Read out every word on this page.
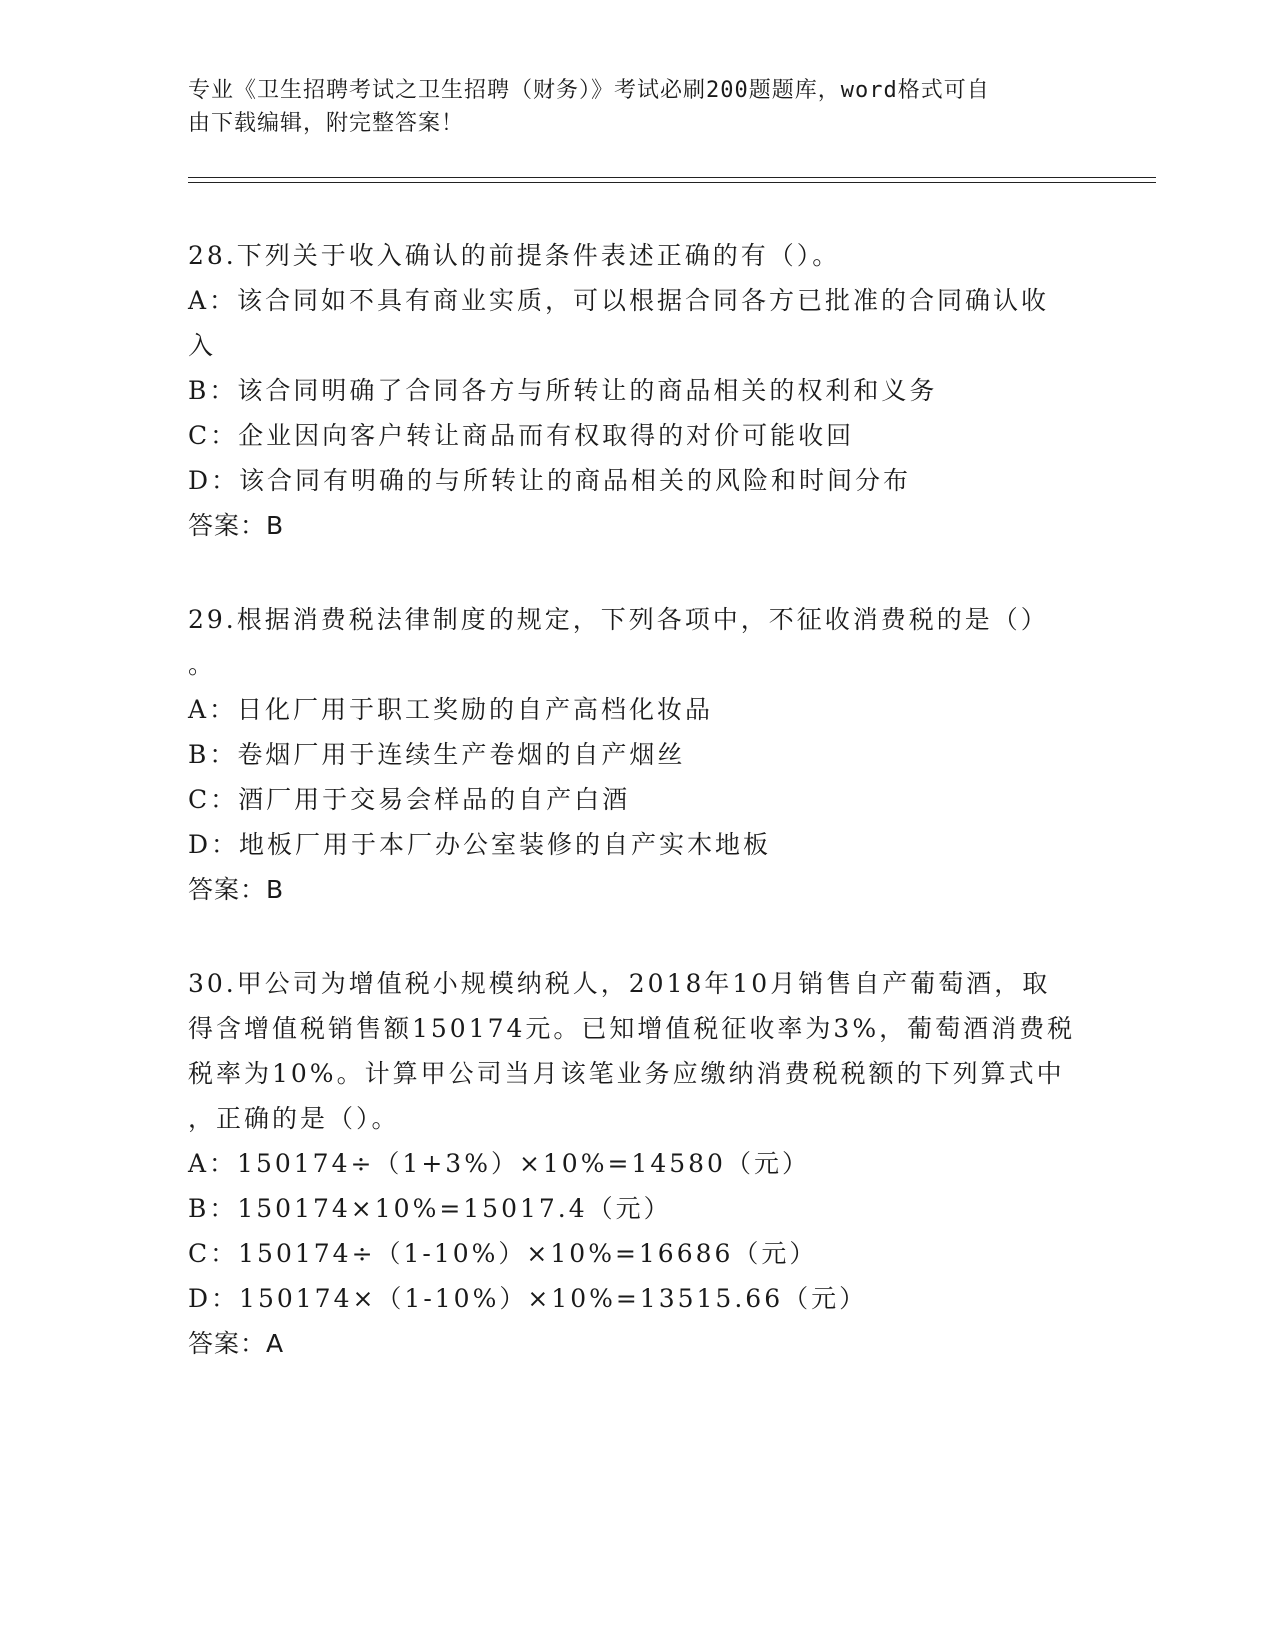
专业《卫生招聘考试之卫生招聘（财务）》考试必刷200题题库，word格式可自
由下载编辑，附完整答案！
28.下列关于收入确认的前提条件表述正确的有（）。
A：该合同如不具有商业实质，可以根据合同各方已批准的合同确认收
入
B：该合同明确了合同各方与所转让的商品相关的权利和义务
C：企业因向客户转让商品而有权取得的对价可能收回
D：该合同有明确的与所转让的商品相关的风险和时间分布
答案：B
29.根据消费税法律制度的规定，下列各项中，不征收消费税的是（）
。
A：日化厂用于职工奖励的自产高档化妆品
B：卷烟厂用于连续生产卷烟的自产烟丝
C：酒厂用于交易会样品的自产白酒
D：地板厂用于本厂办公室装修的自产实木地板
答案：B
30.甲公司为增值税小规模纳税人，2018年10月销售自产葡萄酒，取
得含增值税销售额150174元。已知增值税征收率为3%，葡萄酒消费税
税率为10%。计算甲公司当月该笔业务应缴纳消费税税额的下列算式中
，正确的是（）。
A：150174÷（1+3%）×10%=14580（元）
B：150174×10%=15017.4（元）
C：150174÷（1-10%）×10%=16686（元）
D：150174×（1-10%）×10%=13515.66（元）
答案：A
